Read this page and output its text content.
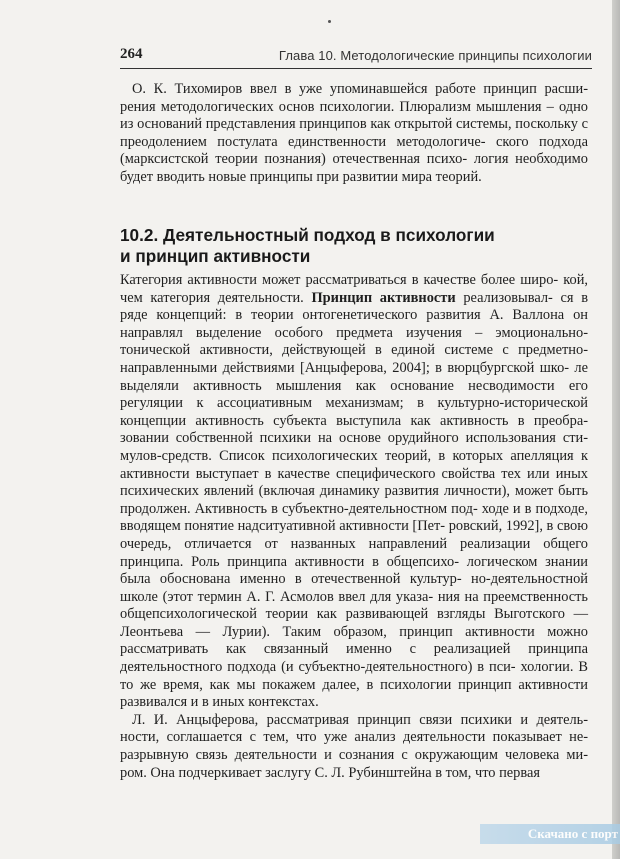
264	Глава 10. Методологические принципы психологии

О. К. Тихомиров ввел в уже упоминавшейся работе принцип расши- рения методологических основ психологии. Плюрализм мышления – одно из оснований представления принципов как открытой системы, поскольку с преодолением постулата единственности методологиче- ского подхода (марксистской теории познания) отечественная психо- логия необходимо будет вводить новые принципы при развитии мира теорий.

10.2. Деятельностный подход в психологии
и принцип активности

Категория активности может рассматриваться в качестве более широ- кой, чем категория деятельности. Принцип активности реализовывал- ся в ряде концепций: в теории онтогенетического развития А. Валлона он направлял выделение особого предмета изучения – эмоционально- тонической активности, действующей в единой системе с предметно- направленными действиями [Анцыферова, 2004]; в вюрцбургской шко- ле выделяли активность мышления как основание несводимости его регуляции к ассоциативным механизмам; в культурно-исторической концепции активность субъекта выступила как активность в преобра- зовании собственной психики на основе орудийного использования сти- мулов-средств. Список психологических теорий, в которых апелляция к активности выступает в качестве специфического свойства тех или иных психических явлений (включая динамику развития личности), может быть продолжен. Активность в субъектно-деятельностном под- ходе и в подходе, вводящем понятие надситуативной активности [Пет- ровский, 1992], в свою очередь, отличается от названных направлений реализации общего принципа. Роль принципа активности в общепсихо- логическом знании была обоснована именно в отечественной культур- но-деятельностной школе (этот термин А. Г. Асмолов ввел для указа- ния на преемственность общепсихологической теории как развивающей взгляды Выготского — Леонтьева — Лурии). Таким образом, принцип активности можно рассматривать как связанный именно с реализацией принципа деятельностного подхода (и субъектно-деятельностного) в пси- хологии. В то же время, как мы покажем далее, в психологии принцип активности развивался и в иных контекстах.

Л. И. Анцыферова, рассматривая принцип связи психики и деятель- ности, соглашается с тем, что уже анализ деятельности показывает не- разрывную связь деятельности и сознания с окружающим человека ми- ром. Она подчеркивает заслугу С. Л. Рубинштейна в том, что первая

Скачано с порт
